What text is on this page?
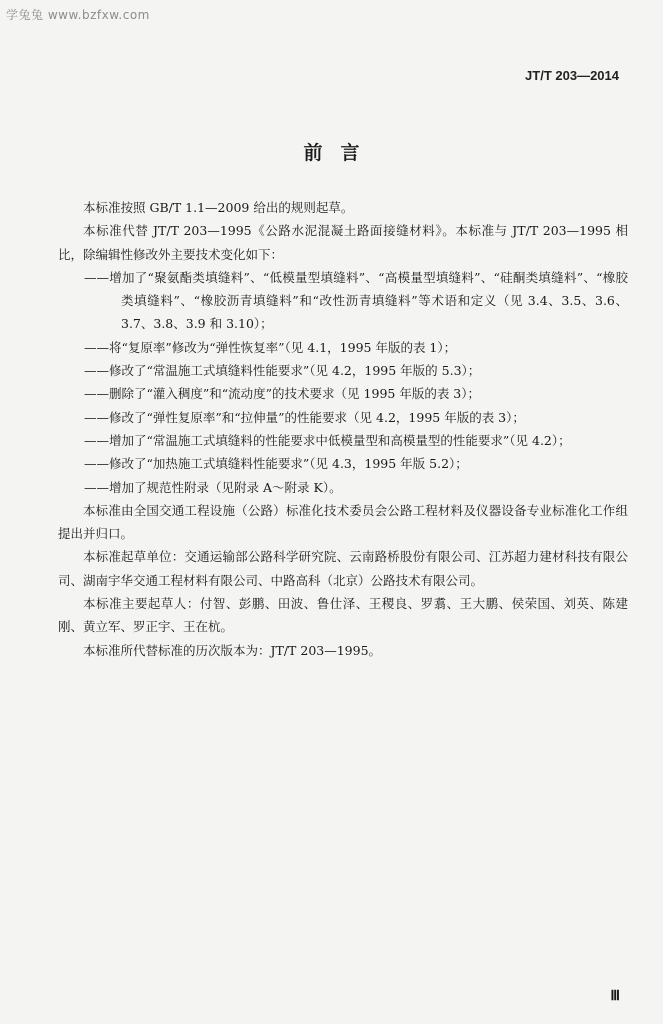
学兔兔 www.bzfxw.com
JT/T 203—2014
前言

本标准按照 GB/T 1.1—2009 给出的规则起草。

本标准代替 JT/T 203—1995《公路水泥混凝土路面接缝材料》。本标准与 JT/T 203—1995 相比，除编辑性修改外主要技术变化如下：

——增加了“聚氨酯类填缝料”、“低模量型填缝料”、“高模量型填缝料”、“硅酮类填缝料”、“橡胶类填缝料”、“橡胶沥青填缝料”和“改性沥青填缝料”等术语和定义（见 3.4、3.5、3.6、3.7、3.8、3.9 和 3.10）；

——将“复原率”修改为“弹性恢复率”（见 4.1，1995 年版的表 1）；

——修改了“常温施工式填缝料性能要求”（见 4.2，1995 年版的 5.3）；

——删除了“灌入稠度”和“流动度”的技术要求（见 1995 年版的表 3）；

——修改了“弹性复原率”和“拉伸量”的性能要求（见 4.2，1995 年版的表 3）；

——增加了“常温施工式填缝料的性能要求中低模量型和高模量型的性能要求”（见 4.2）；

——修改了“加热施工式填缝料性能要求”（见 4.3，1995 年版 5.2）；

——增加了规范性附录（见附录 A～附录 K）。

本标准由全国交通工程设施（公路）标准化技术委员会公路工程材料及仪器设备专业标准化工作组提出并归口。

本标准起草单位：交通运输部公路科学研究院、云南路桥股份有限公司、江苏超力建材科技有限公司、湖南宇华交通工程材料有限公司、中路高科（北京）公路技术有限公司。

本标准主要起草人：付智、彭鹏、田波、鲁仕泽、王稷良、罗翥、王大鹏、侯荣国、刘英、陈建刚、黄立军、罗正宇、王在杭。

本标准所代替标准的历次版本为：JT/T 203—1995。

Ⅲ
